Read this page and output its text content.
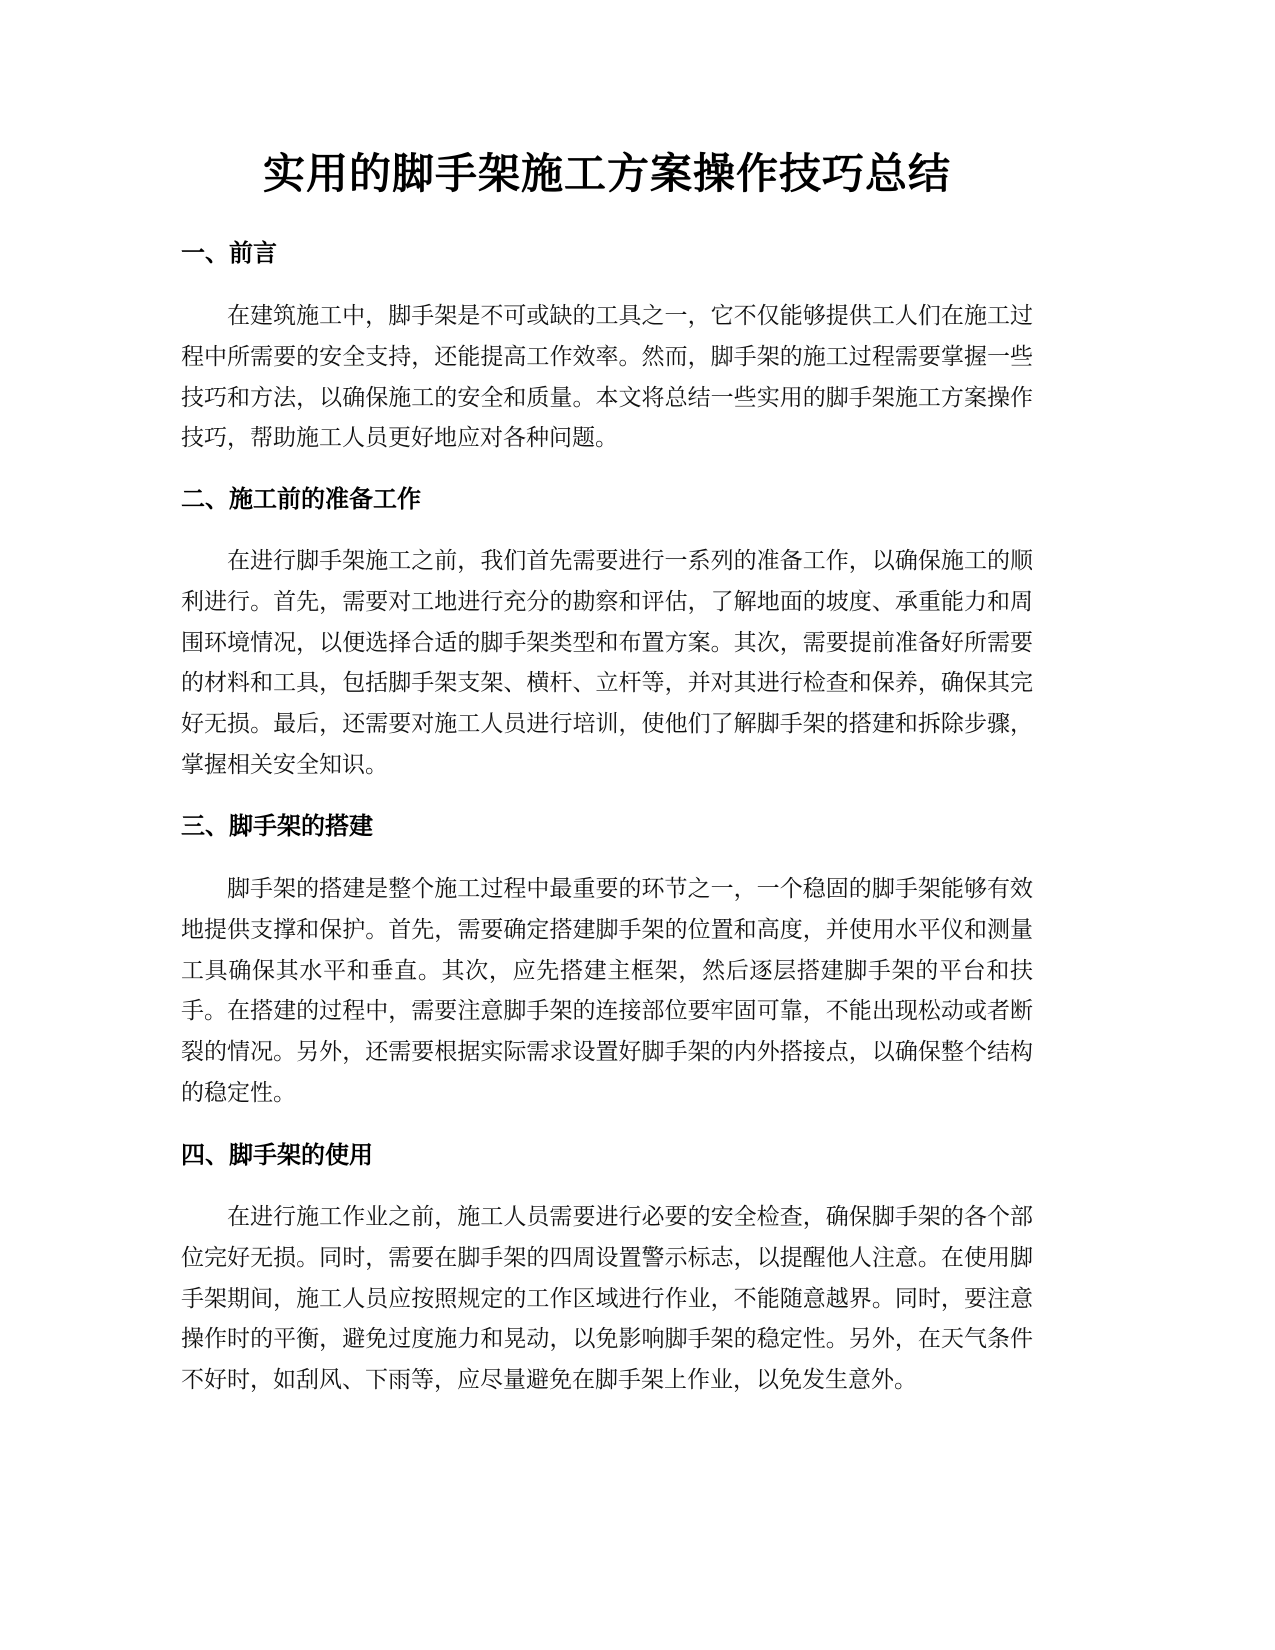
实用的脚手架施工方案操作技巧总结
一、前言

在建筑施工中，脚手架是不可或缺的工具之一，它不仅能够提供工人们在施工过程中所需要的安全支持，还能提高工作效率。然而，脚手架的施工过程需要掌握一些技巧和方法，以确保施工的安全和质量。本文将总结一些实用的脚手架施工方案操作技巧，帮助施工人员更好地应对各种问题。

二、施工前的准备工作

在进行脚手架施工之前，我们首先需要进行一系列的准备工作，以确保施工的顺利进行。首先，需要对工地进行充分的勘察和评估，了解地面的坡度、承重能力和周围环境情况，以便选择合适的脚手架类型和布置方案。其次，需要提前准备好所需要的材料和工具，包括脚手架支架、横杆、立杆等，并对其进行检查和保养，确保其完好无损。最后，还需要对施工人员进行培训，使他们了解脚手架的搭建和拆除步骤，掌握相关安全知识。

三、脚手架的搭建

脚手架的搭建是整个施工过程中最重要的环节之一，一个稳固的脚手架能够有效地提供支撑和保护。首先，需要确定搭建脚手架的位置和高度，并使用水平仪和测量工具确保其水平和垂直。其次，应先搭建主框架，然后逐层搭建脚手架的平台和扶手。在搭建的过程中，需要注意脚手架的连接部位要牢固可靠，不能出现松动或者断裂的情况。另外，还需要根据实际需求设置好脚手架的内外搭接点，以确保整个结构的稳定性。

四、脚手架的使用

在进行施工作业之前，施工人员需要进行必要的安全检查，确保脚手架的各个部位完好无损。同时，需要在脚手架的四周设置警示标志，以提醒他人注意。在使用脚手架期间，施工人员应按照规定的工作区域进行作业，不能随意越界。同时，要注意操作时的平衡，避免过度施力和晃动，以免影响脚手架的稳定性。另外，在天气条件不好时，如刮风、下雨等，应尽量避免在脚手架上作业，以免发生意外。
